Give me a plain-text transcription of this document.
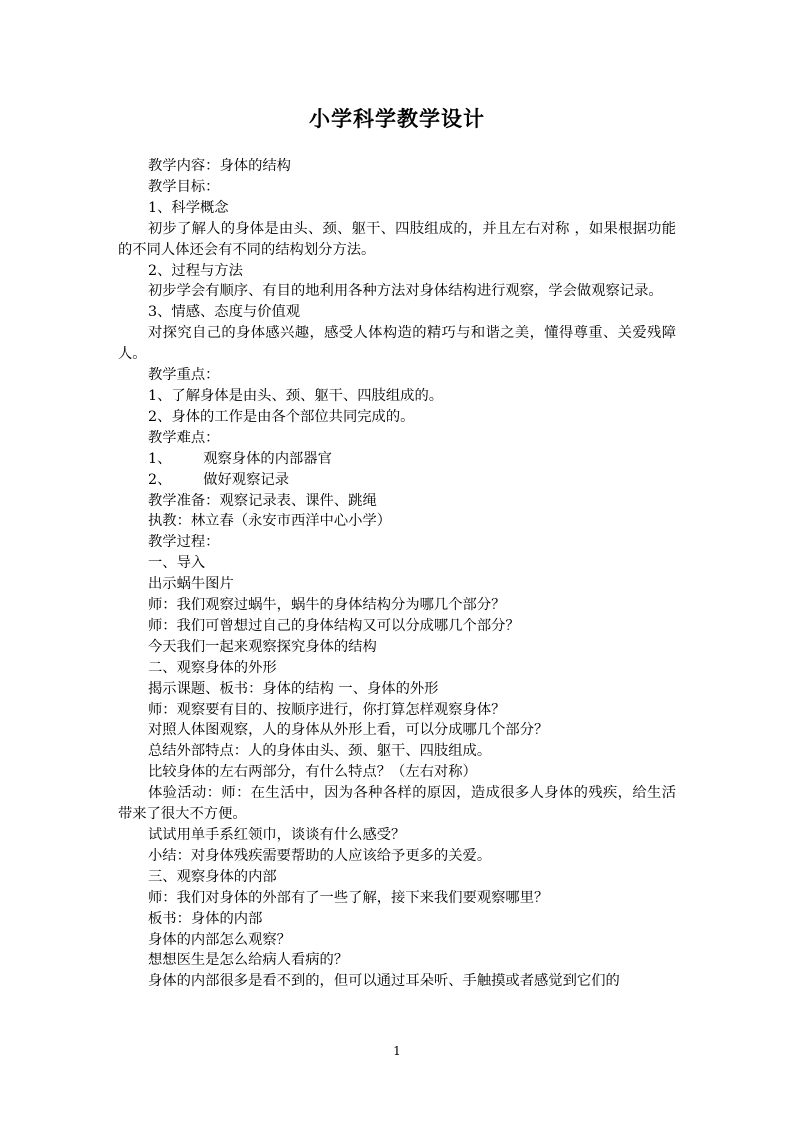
小学科学教学设计

教学内容：身体的结构

教学目标：

1、科学概念

初步了解人的身体是由头、颈、躯干、四肢组成的，并且左右对称 ，如果根据功能的不同人体还会有不同的结构划分方法。

2、过程与方法

初步学会有顺序、有目的地利用各种方法对身体结构进行观察，学会做观察记录。

3、情感、态度与价值观

对探究自己的身体感兴趣，感受人体构造的精巧与和谐之美，懂得尊重、关爱残障人。

教学重点：

1、了解身体是由头、颈、躯干、四肢组成的。

2、身体的工作是由各个部位共同完成的。

教学难点：

1、       观察身体的内部器官

2、       做好观察记录

教学准备：观察记录表、课件、跳绳

执教：林立春（永安市西洋中心小学）

教学过程：

一、导入

出示蜗牛图片

师：我们观察过蜗牛，蜗牛的身体结构分为哪几个部分？

师：我们可曾想过自己的身体结构又可以分成哪几个部分？

今天我们一起来观察探究身体的结构

二、观察身体的外形

揭示课题、板书：身体的结构 一、身体的外形

师：观察要有目的、按顺序进行，你打算怎样观察身体？

对照人体图观察，人的身体从外形上看，可以分成哪几个部分？

总结外部特点：人的身体由头、颈、躯干、四肢组成。

比较身体的左右两部分，有什么特点？（左右对称）

体验活动：师：在生活中，因为各种各样的原因，造成很多人身体的残疾，给生活带来了很大不方便。

试试用单手系红领巾，谈谈有什么感受？

小结：对身体残疾需要帮助的人应该给予更多的关爱。

三、观察身体的内部

师：我们对身体的外部有了一些了解，接下来我们要观察哪里？

板书：身体的内部

身体的内部怎么观察？

想想医生是怎么给病人看病的？

身体的内部很多是看不到的，但可以通过耳朵听、手触摸或者感觉到它们的

1
